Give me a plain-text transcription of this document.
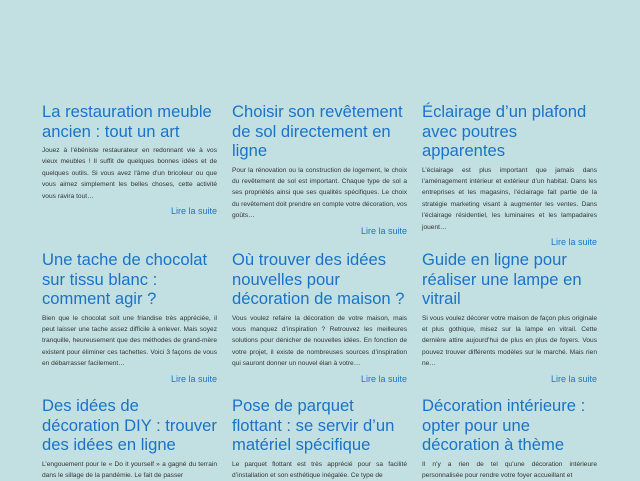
La restauration meuble ancien : tout un art

Jouez à l'ébéniste restaurateur en redonnant vie à vos vieux meubles ! Il suffit de quelques bonnes idées et de quelques outils. Si vous avez l'âme d'un bricoleur ou que vous aimez simplement les belles choses, cette activité vous ravira tout…

Lire la suite
Choisir son revêtement de sol directement en ligne

Pour la rénovation ou la construction de logement, le choix du revêtement de sol est important. Chaque type de sol a ses propriétés ainsi que ses qualités spécifiques. Le choix du revêtement doit prendre en compte votre décoration, vos goûts…

Lire la suite
Éclairage d’un plafond avec poutres apparentes

L’éclairage est plus important que jamais dans l’aménagement intérieur et extérieur d’un habitat. Dans les entreprises et les magasins, l’éclairage fait partie de la stratégie marketing visant à augmenter les ventes. Dans l’éclairage résidentiel, les luminaires et les lampadaires jouent…

Lire la suite
Une tache de chocolat sur tissu blanc : comment agir ?

Bien que le chocolat soit une friandise très appréciée, il peut laisser une tache assez difficile à enlever. Mais soyez tranquille, heureusement que des méthodes de grand-mère existent pour éliminer ces tachettes. Voici 3 façons de vous en débarrasser facilement…

Lire la suite
Où trouver des idées nouvelles pour décoration de maison ?

Vous voulez refaire la décoration de votre maison, mais vous manquez d’inspiration ? Retrouvez les meilleures solutions pour dénicher de nouvelles idées. En fonction de votre projet, il existe de nombreuses sources d’inspiration qui sauront donner un nouvel élan à votre…

Lire la suite
Guide en ligne pour réaliser une lampe en vitrail

Si vous voulez décorer votre maison de façon plus originale et plus gothique, misez sur la lampe en vitrail. Cette dernière attire aujourd’hui de plus en plus de foyers. Vous pouvez trouver différents modèles sur le marché. Mais rien ne…

Lire la suite
Des idées de décoration DIY : trouver des idées en ligne

L’engouement pour le « Do it yourself » a gagné du terrain dans le sillage de la pandémie. Le fait de passer

Pose de parquet flottant : se servir d’un matériel spécifique

Le parquet flottant est très apprécié pour sa facilité d’installation et son esthétique inégalée. Ce type de

Décoration intérieure : opter pour une décoration à thème

Il n’y a rien de tel qu’une décoration intérieure personnalisée pour rendre votre foyer accueillant et
